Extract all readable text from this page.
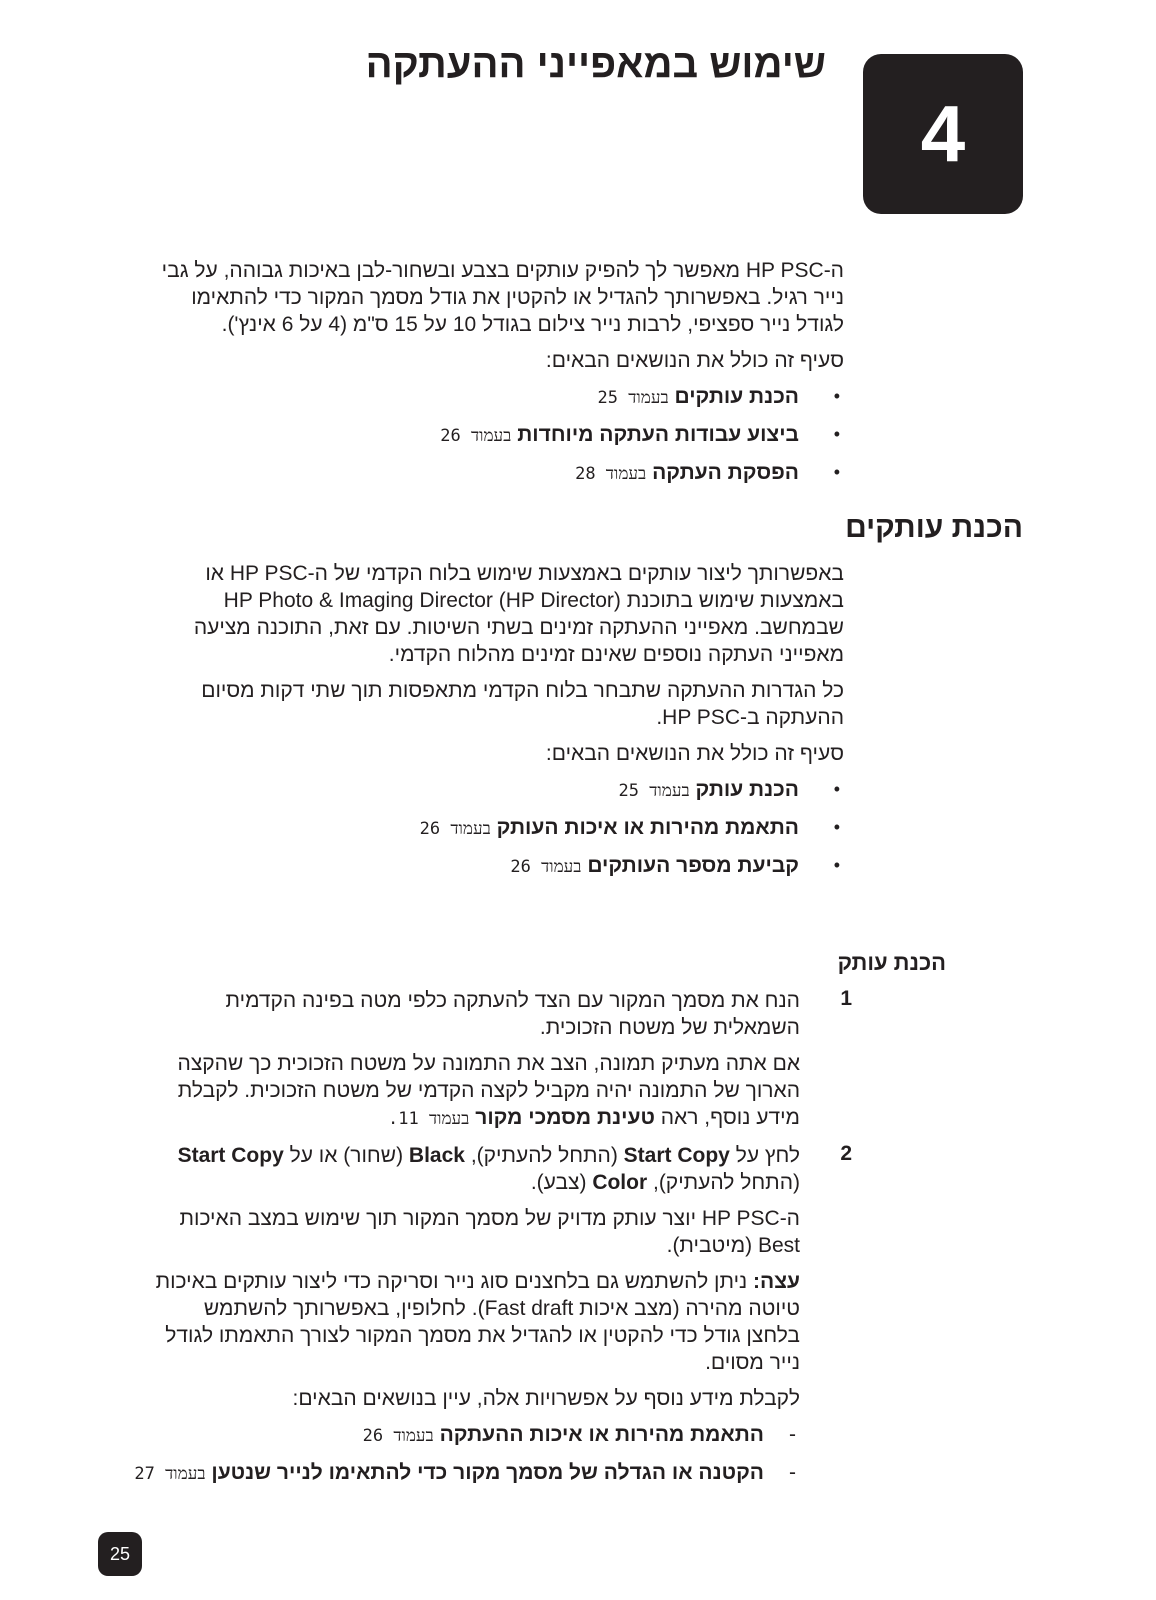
שימוש במאפייני ההעתקה
4

ה-HP PSC מאפשר לך להפיק עותקים בצבע ובשחור-לבן באיכות גבוהה, על גבי

נייר רגיל. באפשרותך להגדיל או להקטין את גודל מסמך המקור כדי להתאימו

לגודל נייר ספציפי, לרבות נייר צילום בגודל 10 על 15 ס"מ (4 על 6 אינץ').

סעיף זה כולל את הנושאים הבאים:

• הכנת עותקים בעמוד 25
• ביצוע עבודות העתקה מיוחדות בעמוד 26
• הפסקת העתקה בעמוד 28
הכנת עותקים

באפשרותך ליצור עותקים באמצעות שימוש בלוח הקדמי של ה-HP PSC או

באמצעות שימוש בתוכנת HP Photo & Imaging Director (HP Director)

שבמחשב. מאפייני ההעתקה זמינים בשתי השיטות. עם זאת, התוכנה מציעה

מאפייני העתקה נוספים שאינם זמינים מהלוח הקדמי.

כל הגדרות ההעתקה שתבחר בלוח הקדמי מתאפסות תוך שתי דקות מסיום

ההעתקה ב-HP PSC.

סעיף זה כולל את הנושאים הבאים:

• הכנת עותק בעמוד 25
• התאמת מהירות או איכות העותק בעמוד 26
• קביעת מספר העותקים בעמוד 26
הכנת עותק
1

הנח את מסמך המקור עם הצד להעתקה כלפי מטה בפינה הקדמית

השמאלית של משטח הזכוכית.

אם אתה מעתיק תמונה, הצב את התמונה על משטח הזכוכית כך שהקצה

הארוך של התמונה יהיה מקביל לקצה הקדמי של משטח הזכוכית. לקבלת

מידע נוסף, ראה טעינת מסמכי מקור בעמוד 11.

2

לחץ על Start Copy (התחל להעתיק), Black (שחור) או על Start Copy

(התחל להעתיק), Color (צבע).

ה-HP PSC יוצר עותק מדויק של מסמך המקור תוך שימוש במצב האיכות

Best (מיטבית).

עצה: ניתן להשתמש גם בלחצנים סוג נייר וסריקה כדי ליצור עותקים באיכות

טיוטה מהירה (מצב איכות Fast draft). לחלופין, באפשרותך להשתמש

בלחצן גודל כדי להקטין או להגדיל את מסמך המקור לצורך התאמתו לגודל

נייר מסוים.

לקבלת מידע נוסף על אפשרויות אלה, עיין בנושאים הבאים:

- התאמת מהירות או איכות ההעתקה בעמוד 26
- הקטנה או הגדלה של מסמך מקור כדי להתאימו לנייר שנטען בעמוד 27
25
